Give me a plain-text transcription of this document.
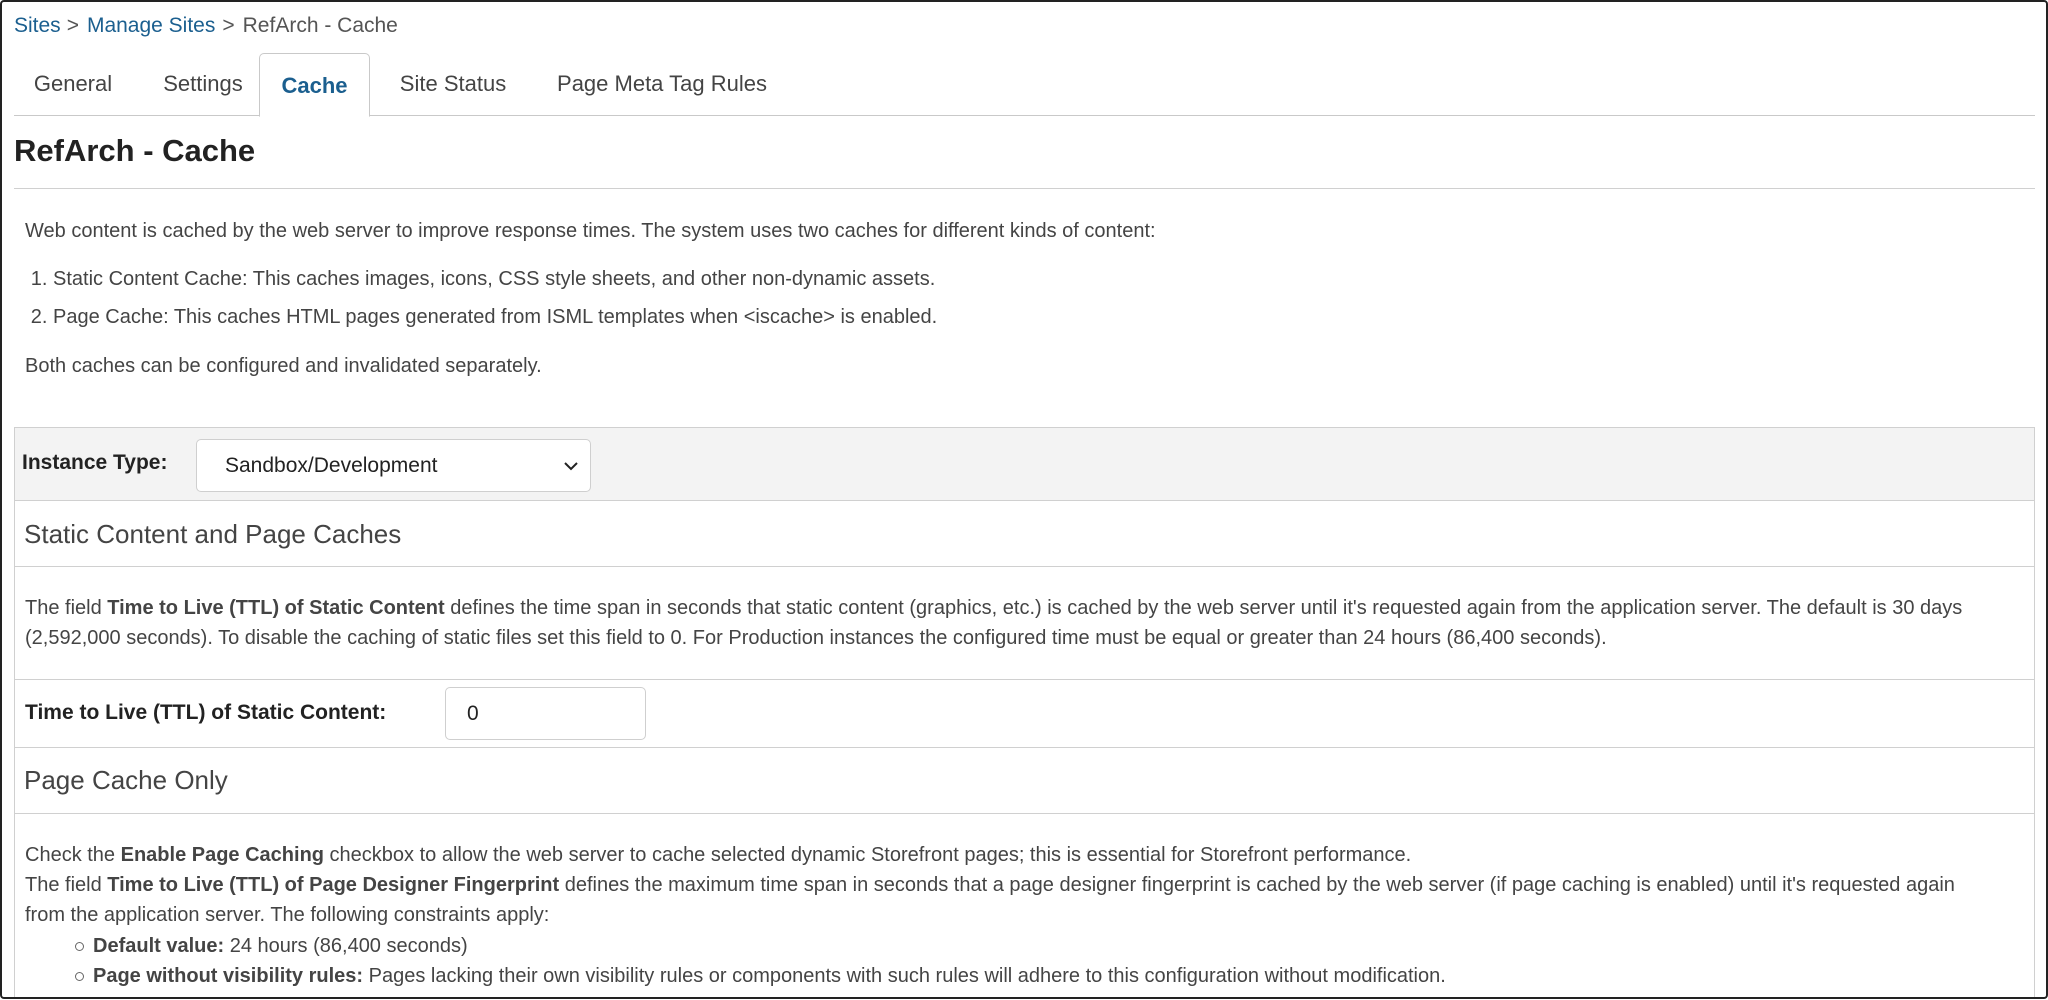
Sites > Manage Sites > RefArch - Cache
General	Settings	Cache	Site Status	Page Meta Tag Rules
RefArch - Cache
Web content is cached by the web server to improve response times. The system uses two caches for different kinds of content:
1. Static Content Cache: This caches images, icons, CSS style sheets, and other non-dynamic assets.
2. Page Cache: This caches HTML pages generated from ISML templates when <iscache> is enabled.
Both caches can be configured and invalidated separately.
Instance Type:	Sandbox/Development
Static Content and Page Caches
The field Time to Live (TTL) of Static Content defines the time span in seconds that static content (graphics, etc.) is cached by the web server until it's requested again from the application server. The default is 30 days (2,592,000 seconds). To disable the caching of static files set this field to 0. For Production instances the configured time must be equal or greater than 24 hours (86,400 seconds).
Time to Live (TTL) of Static Content:	0
Page Cache Only
Check the Enable Page Caching checkbox to allow the web server to cache selected dynamic Storefront pages; this is essential for Storefront performance.
The field Time to Live (TTL) of Page Designer Fingerprint defines the maximum time span in seconds that a page designer fingerprint is cached by the web server (if page caching is enabled) until it's requested again from the application server. The following constraints apply:
Default value: 24 hours (86,400 seconds)
Page without visibility rules: Pages lacking their own visibility rules or components with such rules will adhere to this configuration without modification.
